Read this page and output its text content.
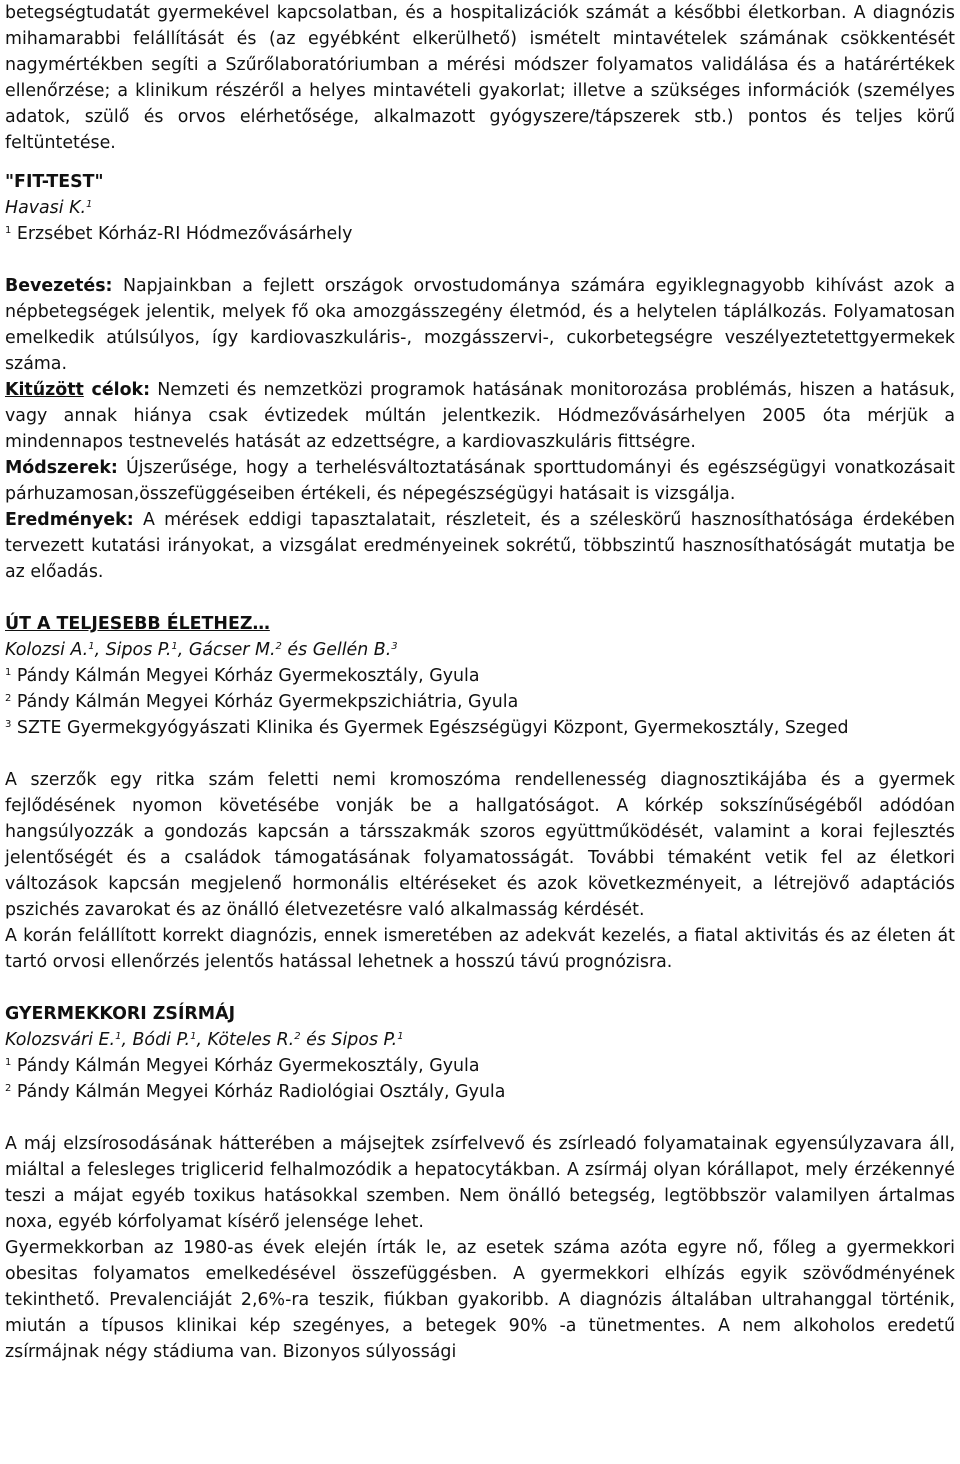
betegségtudatát gyermekével kapcsolatban, és a hospitalizációk számát a későbbi életkorban. A diagnózis mihamarabbi felállítását és (az egyébként elkerülhető) ismételt mintavételek számának csökkentését nagymértékben segíti a Szűrőlaboratóriumban a mérési módszer folyamatos validálása és a határértékek ellenőrzése; a klinikum részéről a helyes mintavételi gyakorlat; illetve a szükséges információk (személyes adatok, szülő és orvos elérhetősége, alkalmazott gyógyszere/tápszerek stb.) pontos és teljes körű feltüntetése.

"FIT-TEST"

Havasi K.$^1$

$^1$ Erzsébet Kórház-RI Hódmezővásárhely

Bevezetés: Napjainkban a fejlett országok orvostudománya számára egyiklegnagyobb kihívást azok a népbetegségek jelentik, melyek fő oka amozgásszegény életmód, és a helytelen táplálkozás. Folyamatosan emelkedik atúlsúlyos, így kardiovaszkuláris-, mozgásszervi-, cukorbetegségre veszélyeztetettgyermekek száma.

Kitűzött célok: Nemzeti és nemzetközi programok hatásának monitorozása problémás, hiszen a hatásuk, vagy annak hiánya csak évtizedek múltán jelentkezik. Hódmezővásárhelyen 2005 óta mérjük a mindennapos testnevelés hatását az edzettségre, a kardiovaszkuláris fittségre.

Módszerek: Újszerűsége, hogy a terhelésváltoztatásának sporttudományi és egészségügyi vonatkozásait párhuzamosan,összefüggéseiben értékeli, és népegészségügyi hatásait is vizsgálja.

Eredmények: A mérések eddigi tapasztalatait, részleteit, és a széleskörű hasznosíthatósága érdekében tervezett kutatási irányokat, a vizsgálat eredményeinek sokrétű, többszintű hasznosíthatóságát mutatja be az előadás.

ÚT A TELJESEBB ÉLETHEZ…

Kolozsi A.$^1$, Sipos P.$^1$, Gácser M.$^2$ és Gellén B.$^3$

$^1$ Pándy Kálmán Megyei Kórház Gyermekosztály, Gyula

$^2$ Pándy Kálmán Megyei Kórház Gyermekpszichiátria, Gyula

$^3$ SZTE Gyermekgyógyászati Klinika és Gyermek Egészségügyi Központ, Gyermekosztály, Szeged

A szerzők egy ritka szám feletti nemi kromoszóma rendellenesség diagnosztikájába és a gyermek fejlődésének nyomon követésébe vonják be a hallgatóságot. A kórkép sokszínűségéből adódóan hangsúlyozzák a gondozás kapcsán a társszakmák szoros együttműködését, valamint a korai fejlesztés jelentőségét és a családok támogatásának folyamatosságát. További témaként vetik fel az életkori változások kapcsán megjelenő hormonális eltéréseket és azok következményeit, a létrejövő adaptációs pszichés zavarokat és az önálló életvezetésre való alkalmasság kérdését.

A korán felállított korrekt diagnózis, ennek ismeretében az adekvát kezelés, a fiatal aktivitás és az életen át tartó orvosi ellenőrzés jelentős hatással lehetnek a hosszú távú prognózisra.

GYERMEKKORI ZSÍRMÁJ

Kolozsvári E.$^1$, Bódi P.$^1$, Köteles R.$^2$ és Sipos P.$^1$

$^1$ Pándy Kálmán Megyei Kórház Gyermekosztály, Gyula

$^2$ Pándy Kálmán Megyei Kórház Radiológiai Osztály, Gyula

A máj elzsírosodásának hátterében a májsejtek zsírfelvevő és zsírleadó folyamatainak egyensúlyzavara áll, miáltal a felesleges triglicerid felhalmozódik a hepatocytákban. A zsírmáj olyan kórállapot, mely érzékennyé teszi a májat egyéb toxikus hatásokkal szemben. Nem önálló betegség, legtöbbször valamilyen ártalmas noxa, egyéb kórfolyamat kísérő jelensége lehet.

Gyermekkorban az 1980-as évek elején írták le, az esetek száma azóta egyre nő, főleg a gyermekkori obesitas folyamatos emelkedésével összefüggésben. A gyermekkori elhízás egyik szövődményének tekinthető. Prevalenciáját 2,6%-ra teszik, fiúkban gyakoribb. A diagnózis általában ultrahanggal történik, miután a típusos klinikai kép szegényes, a betegek 90% -a tünetmentes. A nem alkoholos eredetű zsírmájnak négy stádiuma van. Bizonyos súlyossági
